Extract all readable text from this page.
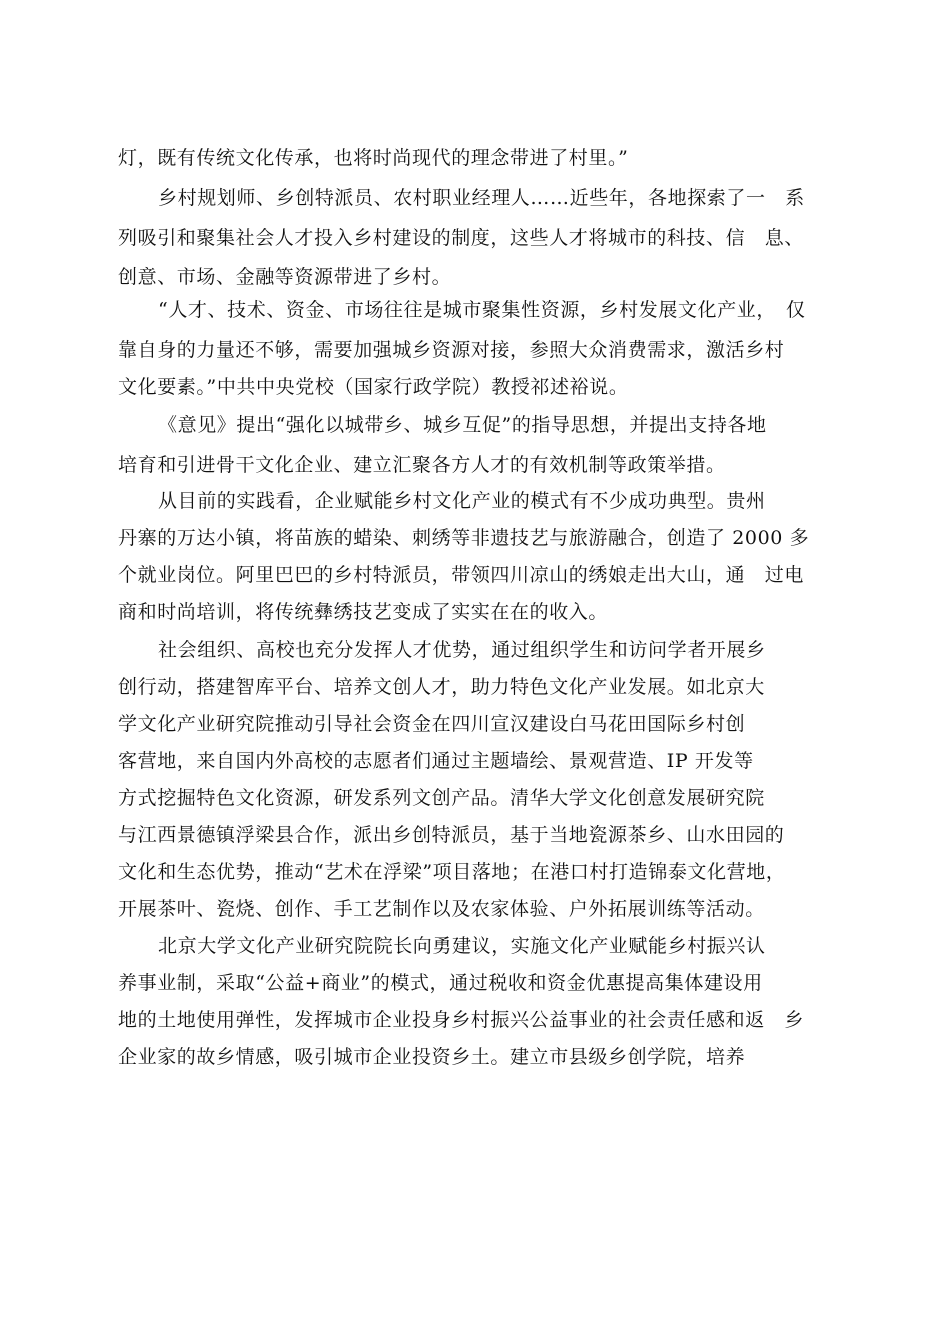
灯，既有传统文化传承，也将时尚现代的理念带进了村里。”
乡村规划师、乡创特派员、农村职业经理人……近些年，各地探索了一　系
列吸引和聚集社会人才投入乡村建设的制度，这些人才将城市的科技、信　息、
创意、市场、金融等资源带进了乡村。
“人才、技术、资金、市场往往是城市聚集性资源，乡村发展文化产业，　仅
靠自身的力量还不够，需要加强城乡资源对接，参照大众消费需求，激活乡村
文化要素。”中共中央党校（国家行政学院）教授祁述裕说。
《意见》提出“强化以城带乡、城乡互促”的指导思想，并提出支持各地
培育和引进骨干文化企业、建立汇聚各方人才的有效机制等政策举措。
从目前的实践看，企业赋能乡村文化产业的模式有不少成功典型。贵州
丹寨的万达小镇，将苗族的蜡染、刺绣等非遗技艺与旅游融合，创造了 2000 多
个就业岗位。阿里巴巴的乡村特派员，带领四川凉山的绣娘走出大山，通　过电
商和时尚培训，将传统彝绣技艺变成了实实在在的收入。
社会组织、高校也充分发挥人才优势，通过组织学生和访问学者开展乡
创行动，搭建智库平台、培养文创人才，助力特色文化产业发展。如北京大
学文化产业研究院推动引导社会资金在四川宣汉建设白马花田国际乡村创
客营地，来自国内外高校的志愿者们通过主题墙绘、景观营造、IP 开发等
方式挖掘特色文化资源，研发系列文创产品。清华大学文化创意发展研究院
与江西景德镇浮梁县合作，派出乡创特派员，基于当地瓷源茶乡、山水田园的
文化和生态优势，推动“艺术在浮梁”项目落地；在港口村打造锦泰文化营地，
开展茶叶、瓷烧、创作、手工艺制作以及农家体验、户外拓展训练等活动。
北京大学文化产业研究院院长向勇建议，实施文化产业赋能乡村振兴认
养事业制，采取“公益+商业”的模式，通过税收和资金优惠提高集体建设用
地的土地使用弹性，发挥城市企业投身乡村振兴公益事业的社会责任感和返　乡
企业家的故乡情感，吸引城市企业投资乡土。建立市县级乡创学院，培养
